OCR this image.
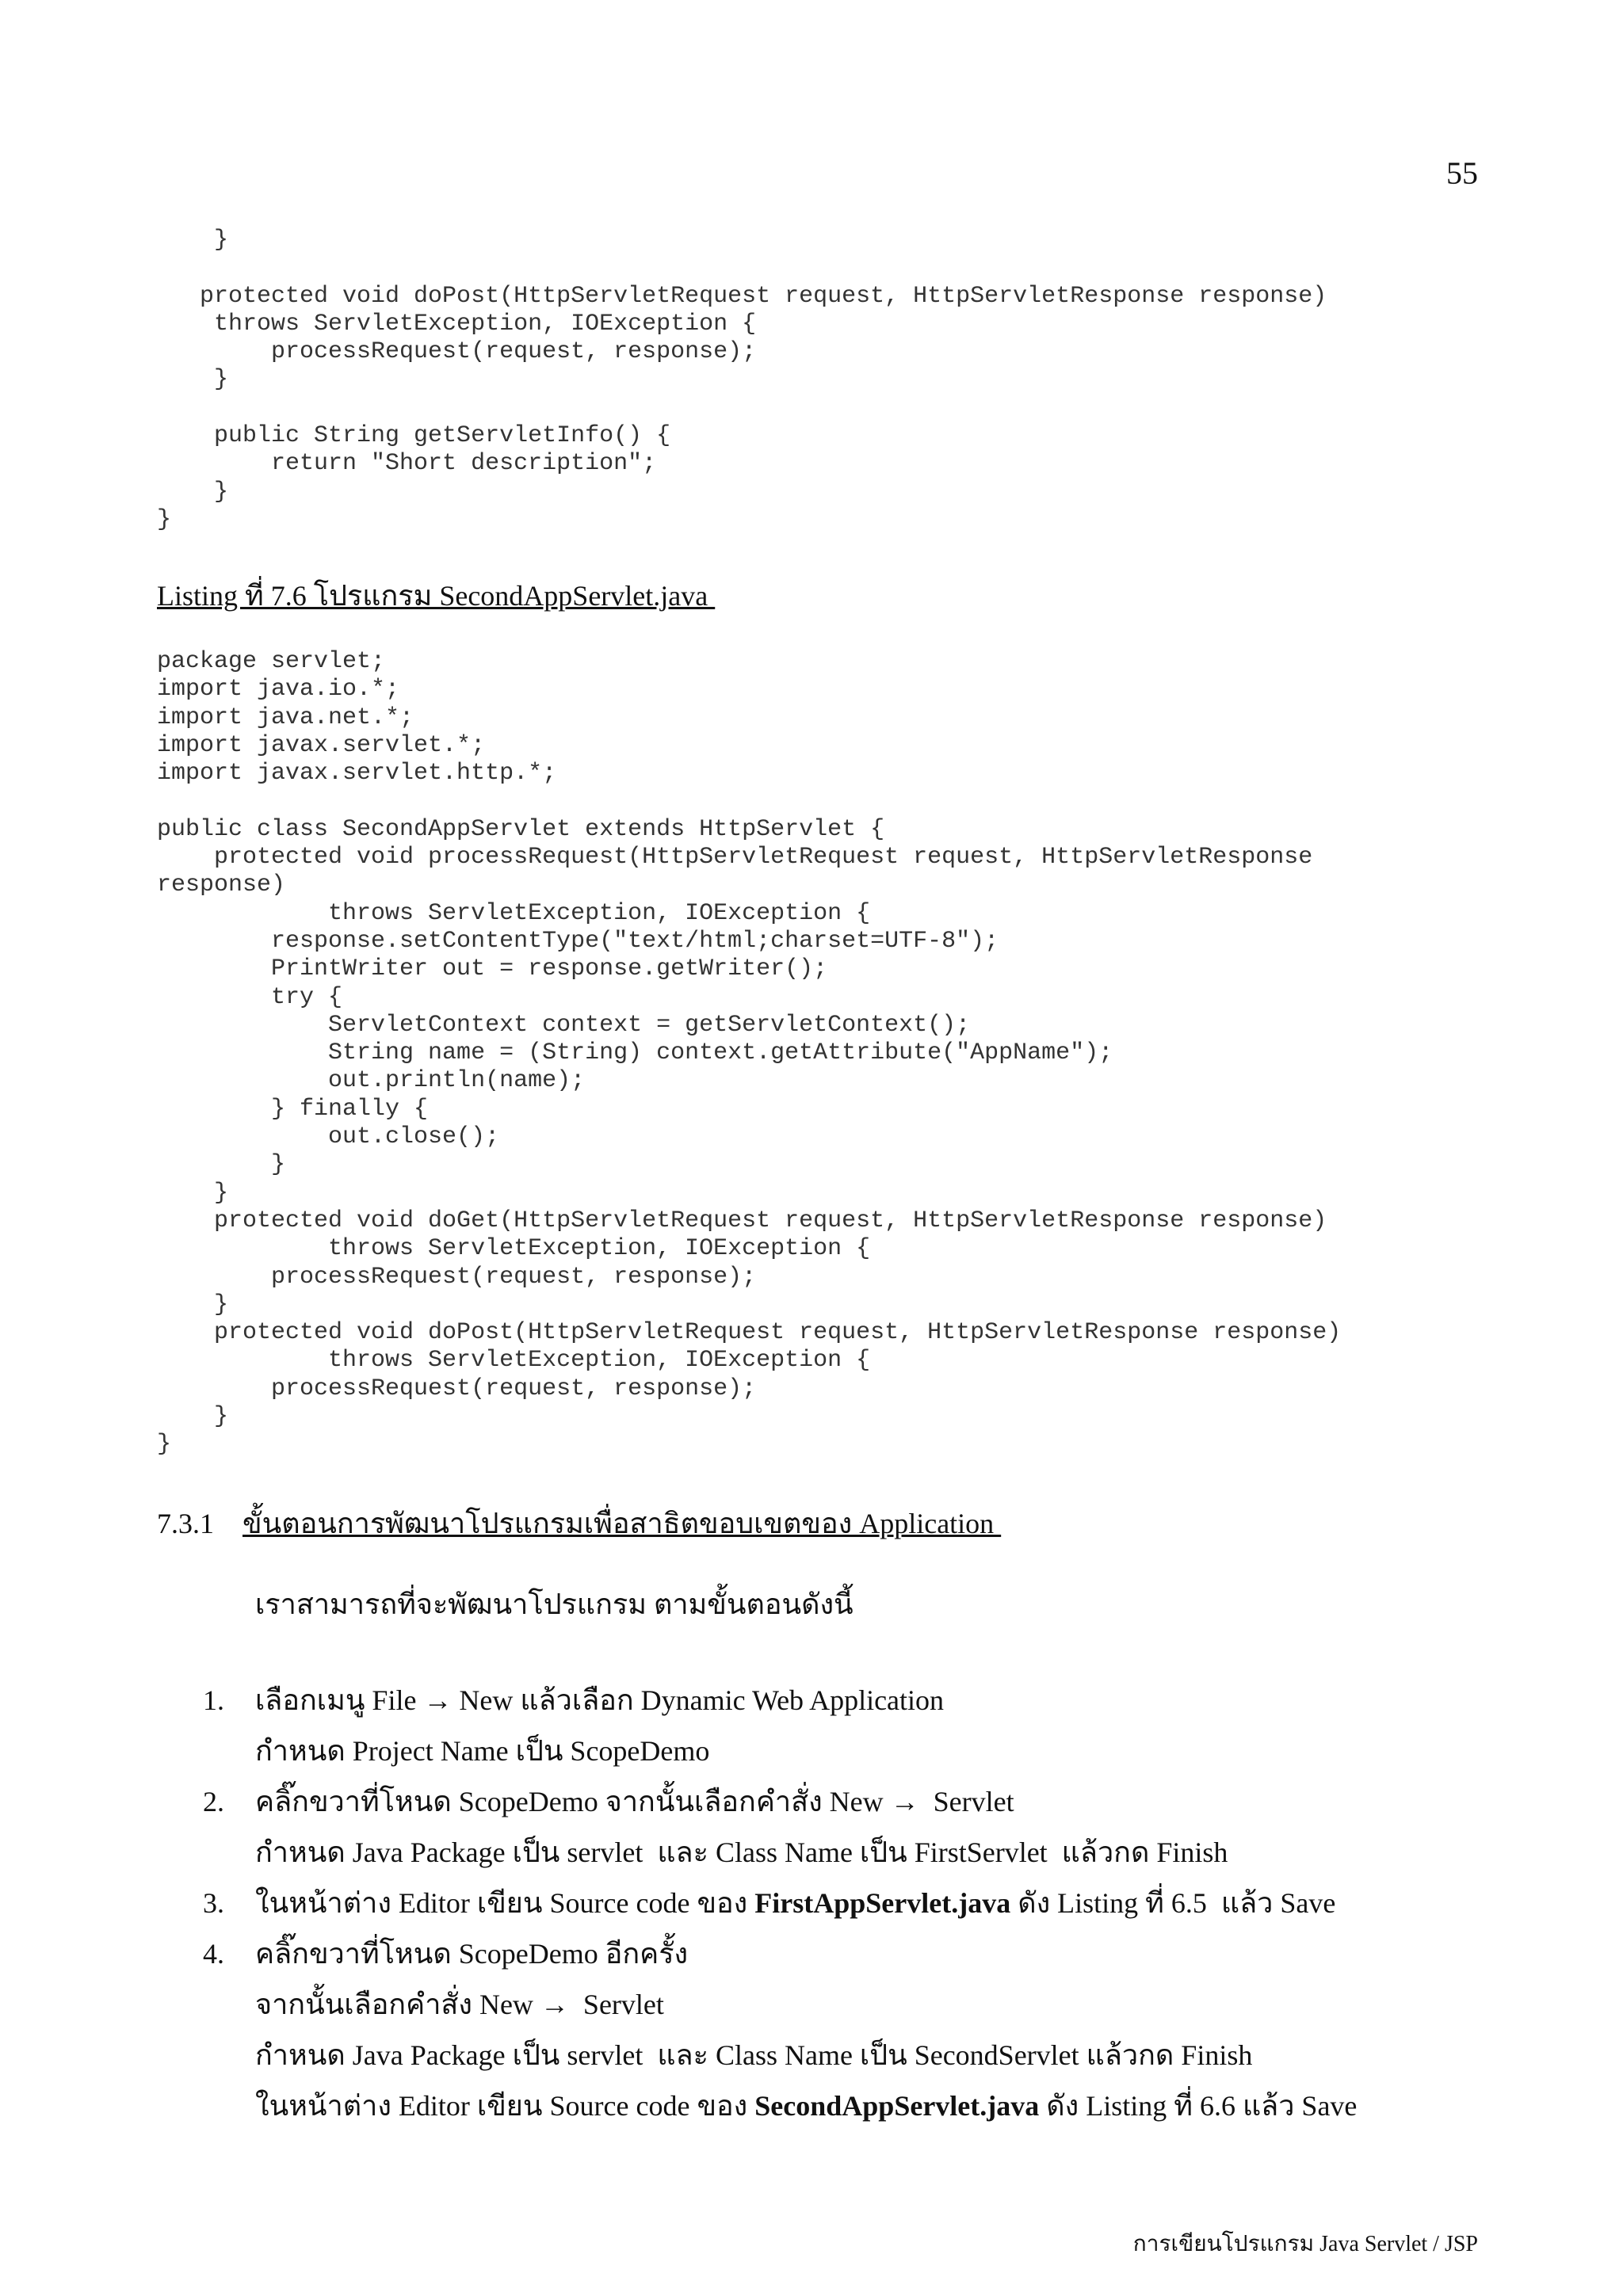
55
}
protected void doPost(HttpServletRequest request, HttpServletResponse response)
throws ServletException, IOException {
processRequest(request, response);
}
public String getServletInfo() {
return "Short description";
}
}
Listing ที่ 7.6 โปรแกรม SecondAppServlet.java
package servlet;
import java.io.*;
import java.net.*;
import javax.servlet.*;
import javax.servlet.http.*;
public class SecondAppServlet extends HttpServlet {
protected void processRequest(HttpServletRequest request, HttpServletResponse
response)
throws ServletException, IOException {
response.setContentType("text/html;charset=UTF-8");
PrintWriter out = response.getWriter();
try {
ServletContext context = getServletContext();
String name = (String) context.getAttribute("AppName");
out.println(name);
} finally {
out.close();
}
}
protected void doGet(HttpServletRequest request, HttpServletResponse response)
throws ServletException, IOException {
processRequest(request, response);
}
protected void doPost(HttpServletRequest request, HttpServletResponse response)
throws ServletException, IOException {
processRequest(request, response);
}
}
7.3.1 ขั้นตอนการพัฒนาโปรแกรมเพื่อสาธิตขอบเขตของ Application
เราสามารถที่จะพัฒนาโปรแกรม ตามขั้นตอนดังนี้
1.	เลือกเมนู File → New แล้วเลือก Dynamic Web Application
กำหนด Project Name เป็น ScopeDemo
2.	คลิ๊กขวาที่โหนด ScopeDemo จากนั้นเลือกคำสั่ง New →  Servlet
กำหนด Java Package เป็น servlet  และ Class Name เป็น FirstServlet  แล้วกด Finish
3.	ในหน้าต่าง Editor เขียน Source code ของ FirstAppServlet.java ดัง Listing ที่ 6.5  แล้ว Save
4.	คลิ๊กขวาที่โหนด ScopeDemo อีกครั้ง
จากนั้นเลือกคำสั่ง New →  Servlet
กำหนด Java Package เป็น servlet  และ Class Name เป็น SecondServlet แล้วกด Finish
ในหน้าต่าง Editor เขียน Source code ของ SecondAppServlet.java ดัง Listing ที่ 6.6 แล้ว Save
การเขียนโปรแกรม Java Servlet / JSP
